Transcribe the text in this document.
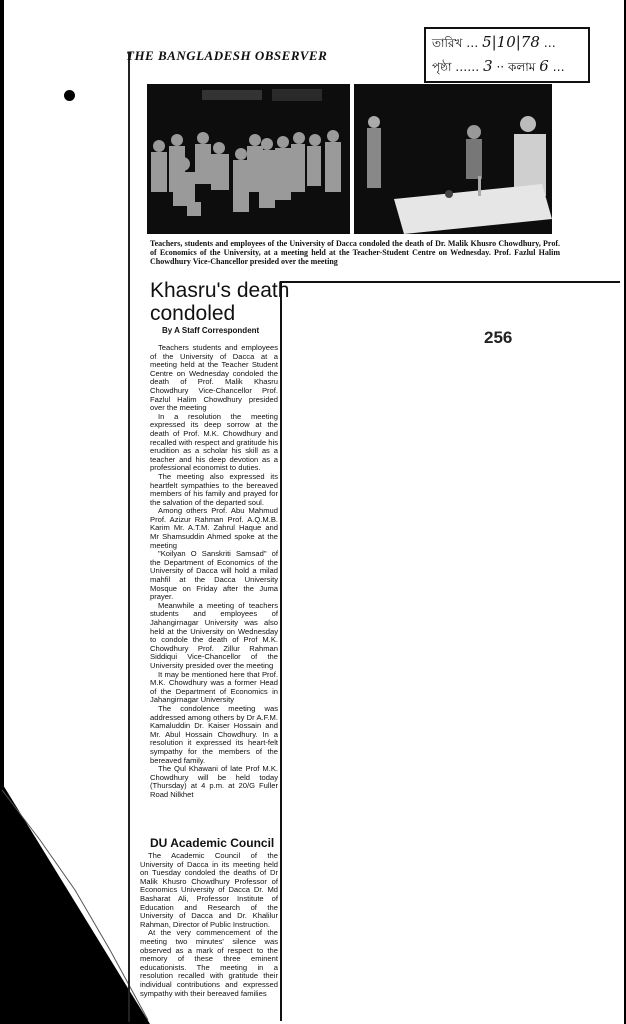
THE BANGLADESH OBSERVER
তারিখ … 5|10|78 …
পৃষ্ঠা …… 3 ·· কলাম 6 …
Teachers, students and employees of the University of Dacca condoled the death of Dr. Malik Khusro Chowdhury, Prof. of Economics of the University, at a meeting held at the Teacher-Student Centre on Wednesday. Prof. Fazlul Halim Chowdhury Vice-Chancellor presided over the meeting
Khasru's death
condoled
By A Staff Correspondent	256

Teachers students and employees of the University of Dacca at a meeting held at the Teacher Student Centre on Wednesday condoled the death of Prof. Malik Khasru Chowdhury Vice-Chancellor Prof. Fazlul Halim Chowdhury presided over the meeting

In a resolution the meeting expressed its deep sorrow at the death of Prof. M.K. Chowdhury and recalled with respect and gratitude his erudition as a scholar his skill as a teacher and his deep devotion as a professional economist to duties.

The meeting also expressed its heartfelt sympathies to the bereaved members of his family and prayed for the salvation of the departed soul.

Among others Prof. Abu Mahmud Prof. Azizur Rahman Prof. A.Q.M.B. Karim Mr. A.T.M. Zahrul Haque and Mr Shamsuddin Ahmed spoke at the meeting

"Koilyan O Sanskriti Samsad" of the Department of Economics of the University of Dacca will hold a milad mahfil at the Dacca University Mosque on Friday after the Juma prayer.

Meanwhile a meeting of teachers students and employees of Jahangirnagar University was also held at the University on Wednesday to condole the death of Prof M.K. Chowdhury Prof. Zillur Rahman Siddiqui Vice-Chancellor of the University presided over the meeting

It may be mentioned here that Prof. M.K. Chowdhury was a former Head of the Department of Economics in Jahangirnagar University

The condolence meeting was addressed among others by Dr A.F.M. Kamaluddin Dr. Kaiser Hossain and Mr. Abul Hossain Chowdhury. In a resolution it expressed its heart-felt sympathy for the members of the bereaved family.

The Qul Khawani of late Prof M.K. Chowdhury will be held today (Thursday) at 4 p.m. at 20/G Fuller Road Nilkhet

DU Academic Council

The Academic Council of the University of Dacca in its meeting held on Tuesday condoled the deaths of Dr Malik Khusro Chowdhury Professor of Economics University of Dacca Dr. Md Basharat Ali, Professor Institute of Education and Research of the University of Dacca and Dr. Khalilur Rahman, Director of Public Instruction.

At the very commencement of the meeting two minutes' silence was observed as a mark of respect to the memory of these three eminent educationists. The meeting in a resolution recalled with gratitude their individual contributions and expressed sympathy with their bereaved families
